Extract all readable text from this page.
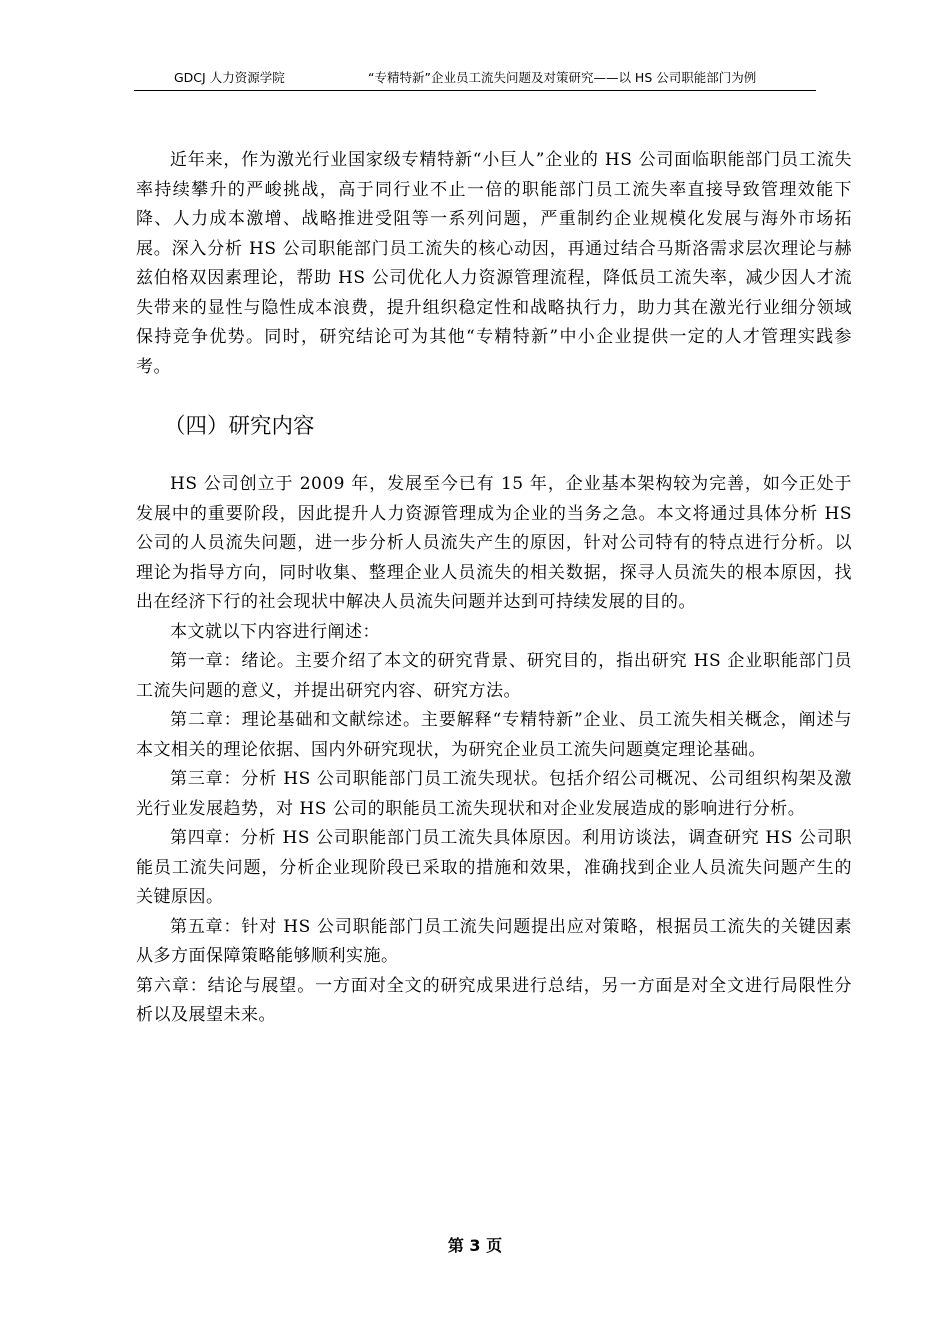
GDCJ 人力资源学院	“专精特新”企业员工流失问题及对策研究——以 HS 公司职能部门为例

近年来，作为激光行业国家级专精特新“小巨人”企业的 HS 公司面临职能部门员工流失率持续攀升的严峻挑战，高于同行业不止一倍的职能部门员工流失率直接导致管理效能下降、人力成本激增、战略推进受阻等一系列问题，严重制约企业规模化发展与海外市场拓展。深入分析 HS 公司职能部门员工流失的核心动因，再通过结合马斯洛需求层次理论与赫兹伯格双因素理论，帮助 HS 公司优化人力资源管理流程，降低员工流失率，减少因人才流失带来的显性与隐性成本浪费，提升组织稳定性和战略执行力，助力其在激光行业细分领域保持竞争优势。同时，研究结论可为其他“专精特新”中小企业提供一定的人才管理实践参考。

（四）研究内容

HS 公司创立于 2009 年，发展至今已有 15 年，企业基本架构较为完善，如今正处于发展中的重要阶段，因此提升人力资源管理成为企业的当务之急。本文将通过具体分析 HS 公司的人员流失问题，进一步分析人员流失产生的原因，针对公司特有的特点进行分析。以理论为指导方向，同时收集、整理企业人员流失的相关数据，探寻人员流失的根本原因，找出在经济下行的社会现状中解决人员流失问题并达到可持续发展的目的。

本文就以下内容进行阐述：

第一章：绪论。主要介绍了本文的研究背景、研究目的，指出研究 HS 企业职能部门员工流失问题的意义，并提出研究内容、研究方法。

第二章：理论基础和文献综述。主要解释“专精特新”企业、员工流失相关概念，阐述与本文相关的理论依据、国内外研究现状，为研究企业员工流失问题奠定理论基础。

第三章：分析 HS 公司职能部门员工流失现状。包括介绍公司概况、公司组织构架及激光行业发展趋势，对 HS 公司的职能员工流失现状和对企业发展造成的影响进行分析。

第四章：分析 HS 公司职能部门员工流失具体原因。利用访谈法，调查研究 HS 公司职能员工流失问题，分析企业现阶段已采取的措施和效果，准确找到企业人员流失问题产生的关键原因。

第五章：针对 HS 公司职能部门员工流失问题提出应对策略，根据员工流失的关键因素从多方面保障策略能够顺利实施。

第六章：结论与展望。一方面对全文的研究成果进行总结，另一方面是对全文进行局限性分析以及展望未来。

第 3 页
